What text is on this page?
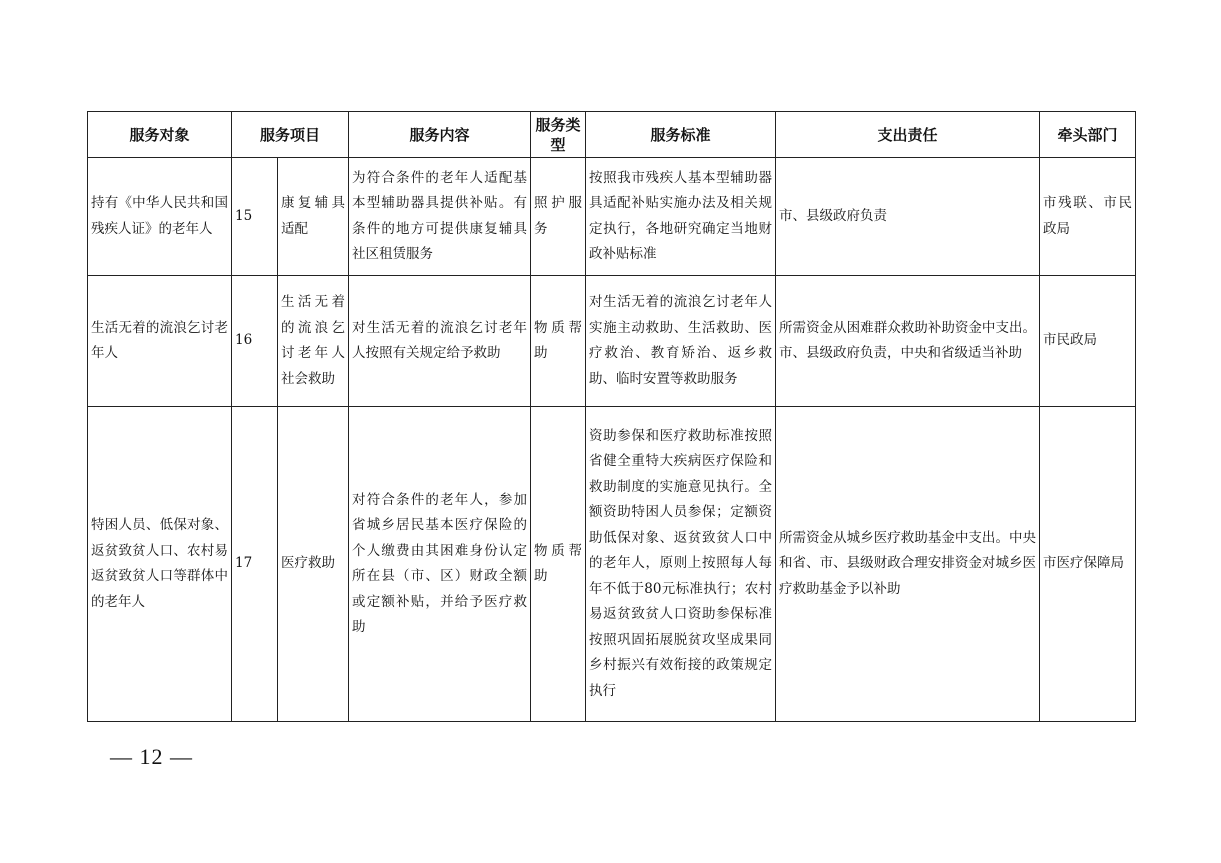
服务对象	服务项目		服务内容	服务类型	服务标准	支出责任	牵头部门
持有《中华人民共和国残疾人证》的老年人	15	康复辅具适配	为符合条件的老年人适配基本型辅助器具提供补贴。有条件的地方可提供康复辅具社区租赁服务	照护服务	按照我市残疾人基本型辅助器具适配补贴实施办法及相关规定执行，各地研究确定当地财政补贴标准	市、县级政府负责	市残联、市民政局
生活无着的流浪乞讨老年人	16	生活无着的流浪乞讨老年人社会救助	对生活无着的流浪乞讨老年人按照有关规定给予救助	物质帮助	对生活无着的流浪乞讨老年人实施主动救助、生活救助、医疗救治、教育矫治、返乡救助、临时安置等救助服务	所需资金从困难群众救助补助资金中支出。市、县级政府负责，中央和省级适当补助	市民政局
特困人员、低保对象、返贫致贫人口、农村易返贫致贫人口等群体中的老年人	17	医疗救助	对符合条件的老年人，参加省城乡居民基本医疗保险的个人缴费由其困难身份认定所在县（市、区）财政全额或定额补贴，并给予医疗救助	物质帮助	资助参保和医疗救助标准按照省健全重特大疾病医疗保险和救助制度的实施意见执行。全额资助特困人员参保；定额资助低保对象、返贫致贫人口中的老年人，原则上按照每人每年不低于80元标准执行；农村易返贫致贫人口资助参保标准按照巩固拓展脱贫攻坚成果同乡村振兴有效衔接的政策规定执行	所需资金从城乡医疗救助基金中支出。中央和省、市、县级财政合理安排资金对城乡医疗救助基金予以补助	市医疗保障局
— 12 —
